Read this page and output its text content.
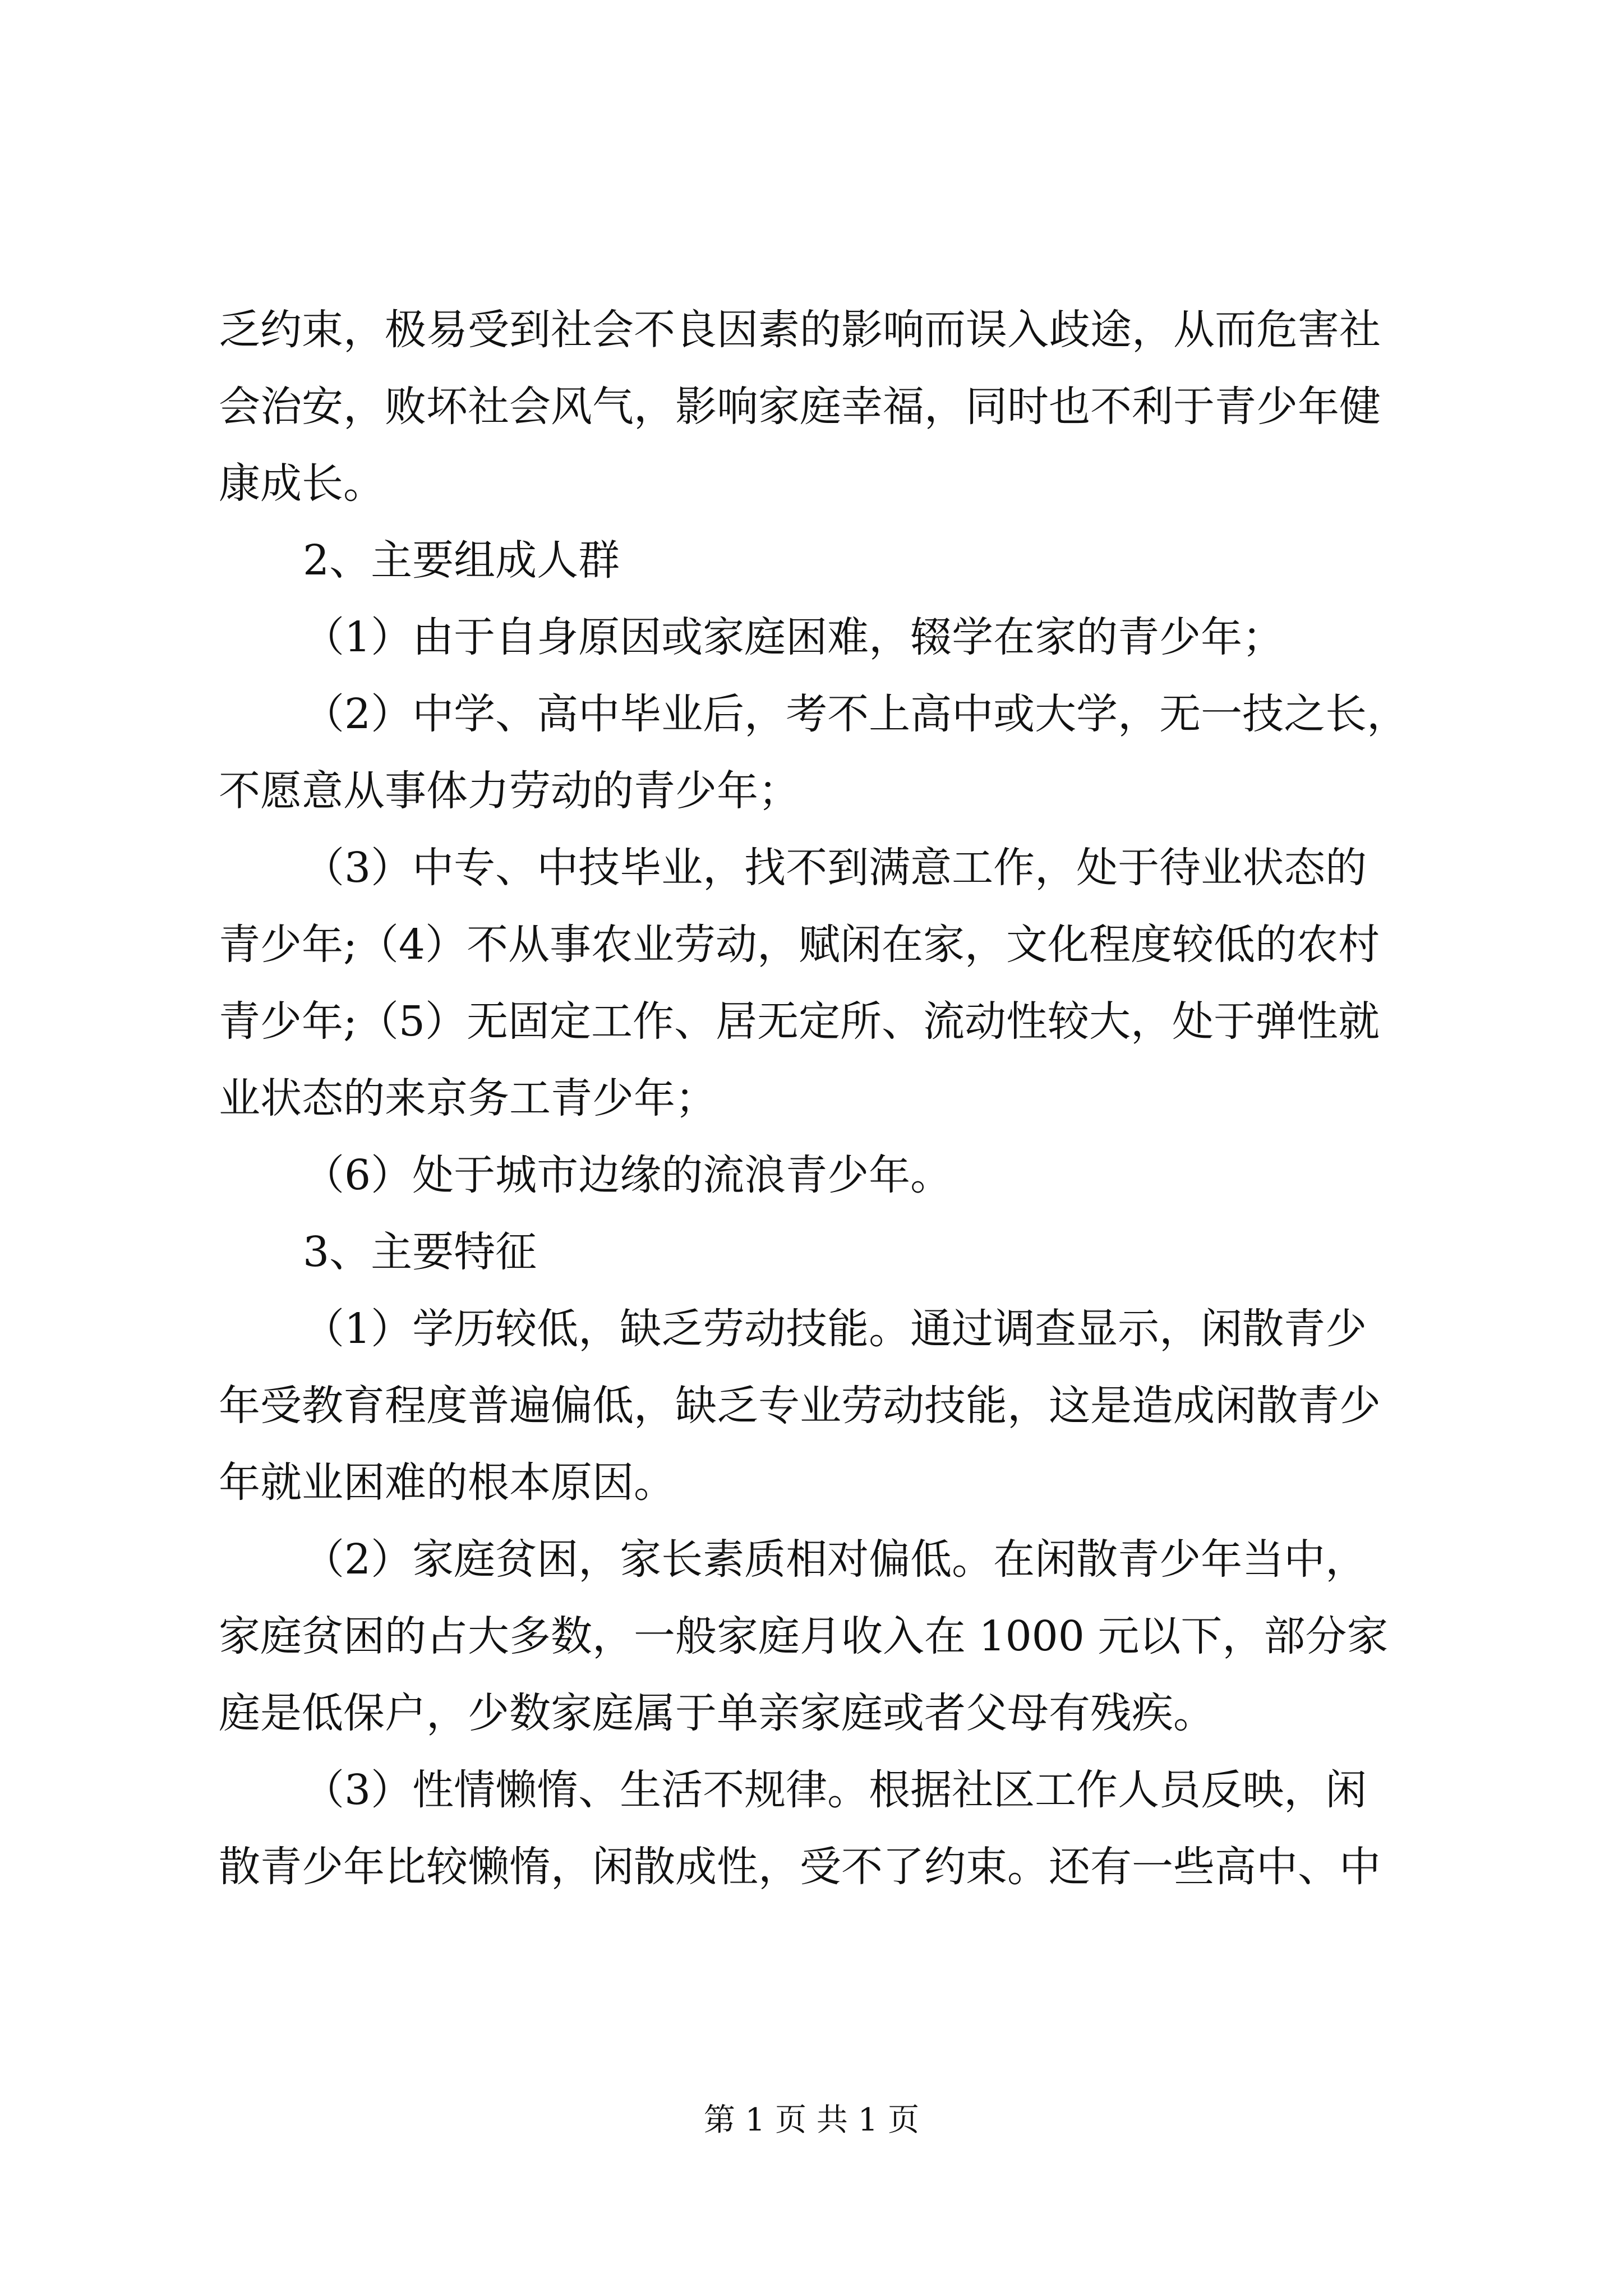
乏约束，极易受到社会不良因素的影响而误入歧途，从而危害社
会治安，败坏社会风气，影响家庭幸福，同时也不利于青少年健
康成长。
2、主要组成人群
（1）由于自身原因或家庭困难，辍学在家的青少年；
（2）中学、高中毕业后，考不上高中或大学，无一技之长，
不愿意从事体力劳动的青少年；
（3）中专、中技毕业，找不到满意工作，处于待业状态的
青少年;（4）不从事农业劳动，赋闲在家，文化程度较低的农村
青少年;（5）无固定工作、居无定所、流动性较大，处于弹性就
业状态的来京务工青少年；
（6）处于城市边缘的流浪青少年。
3、主要特征
（1）学历较低，缺乏劳动技能。通过调查显示，闲散青少
年受教育程度普遍偏低，缺乏专业劳动技能，这是造成闲散青少
年就业困难的根本原因。
（2）家庭贫困，家长素质相对偏低。在闲散青少年当中，
家庭贫困的占大多数，一般家庭月收入在 1000 元以下，部分家
庭是低保户，少数家庭属于单亲家庭或者父母有残疾。
（3）性情懒惰、生活不规律。根据社区工作人员反映，闲
散青少年比较懒惰，闲散成性，受不了约束。还有一些高中、中
第 1 页 共 1 页
